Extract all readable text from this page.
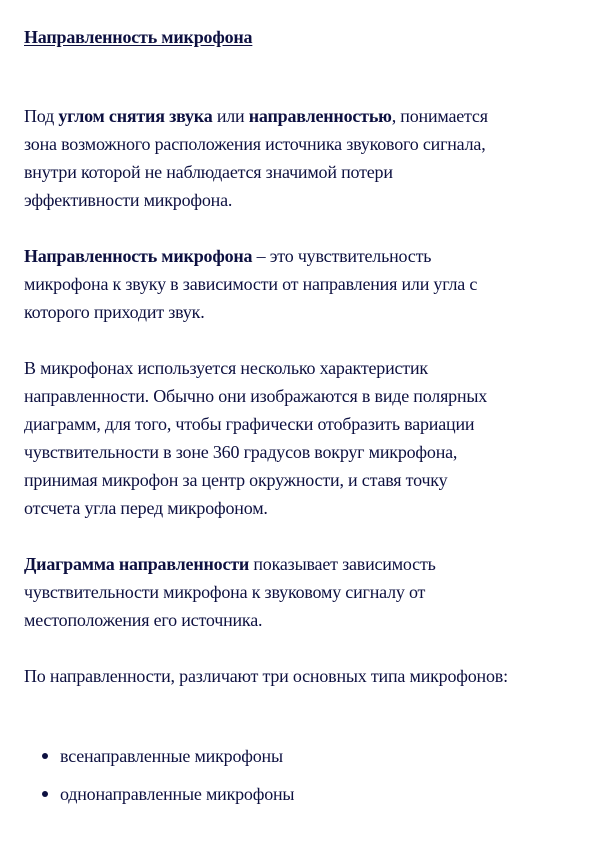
Направленность микрофона
Под углом снятия звука или направленностью, понимается
зона возможного расположения источника звукового сигнала,
внутри которой не наблюдается значимой потери
эффективности микрофона.
Направленность микрофона – это чувствительность
микрофона к звуку в зависимости от направления или угла с
которого приходит звук.
В микрофонах используется несколько характеристик
направленности. Обычно они изображаются в виде полярных
диаграмм, для того, чтобы графически отобразить вариации
чувствительности в зоне 360 градусов вокруг микрофона,
принимая микрофон за центр окружности, и ставя точку
отсчета угла перед микрофоном.
Диаграмма направленности показывает зависимость
чувствительности микрофона к звуковому сигналу от
местоположения его источника.
По направленности, различают три основных типа микрофонов:
всенаправленные микрофоны
однонаправленные микрофоны
